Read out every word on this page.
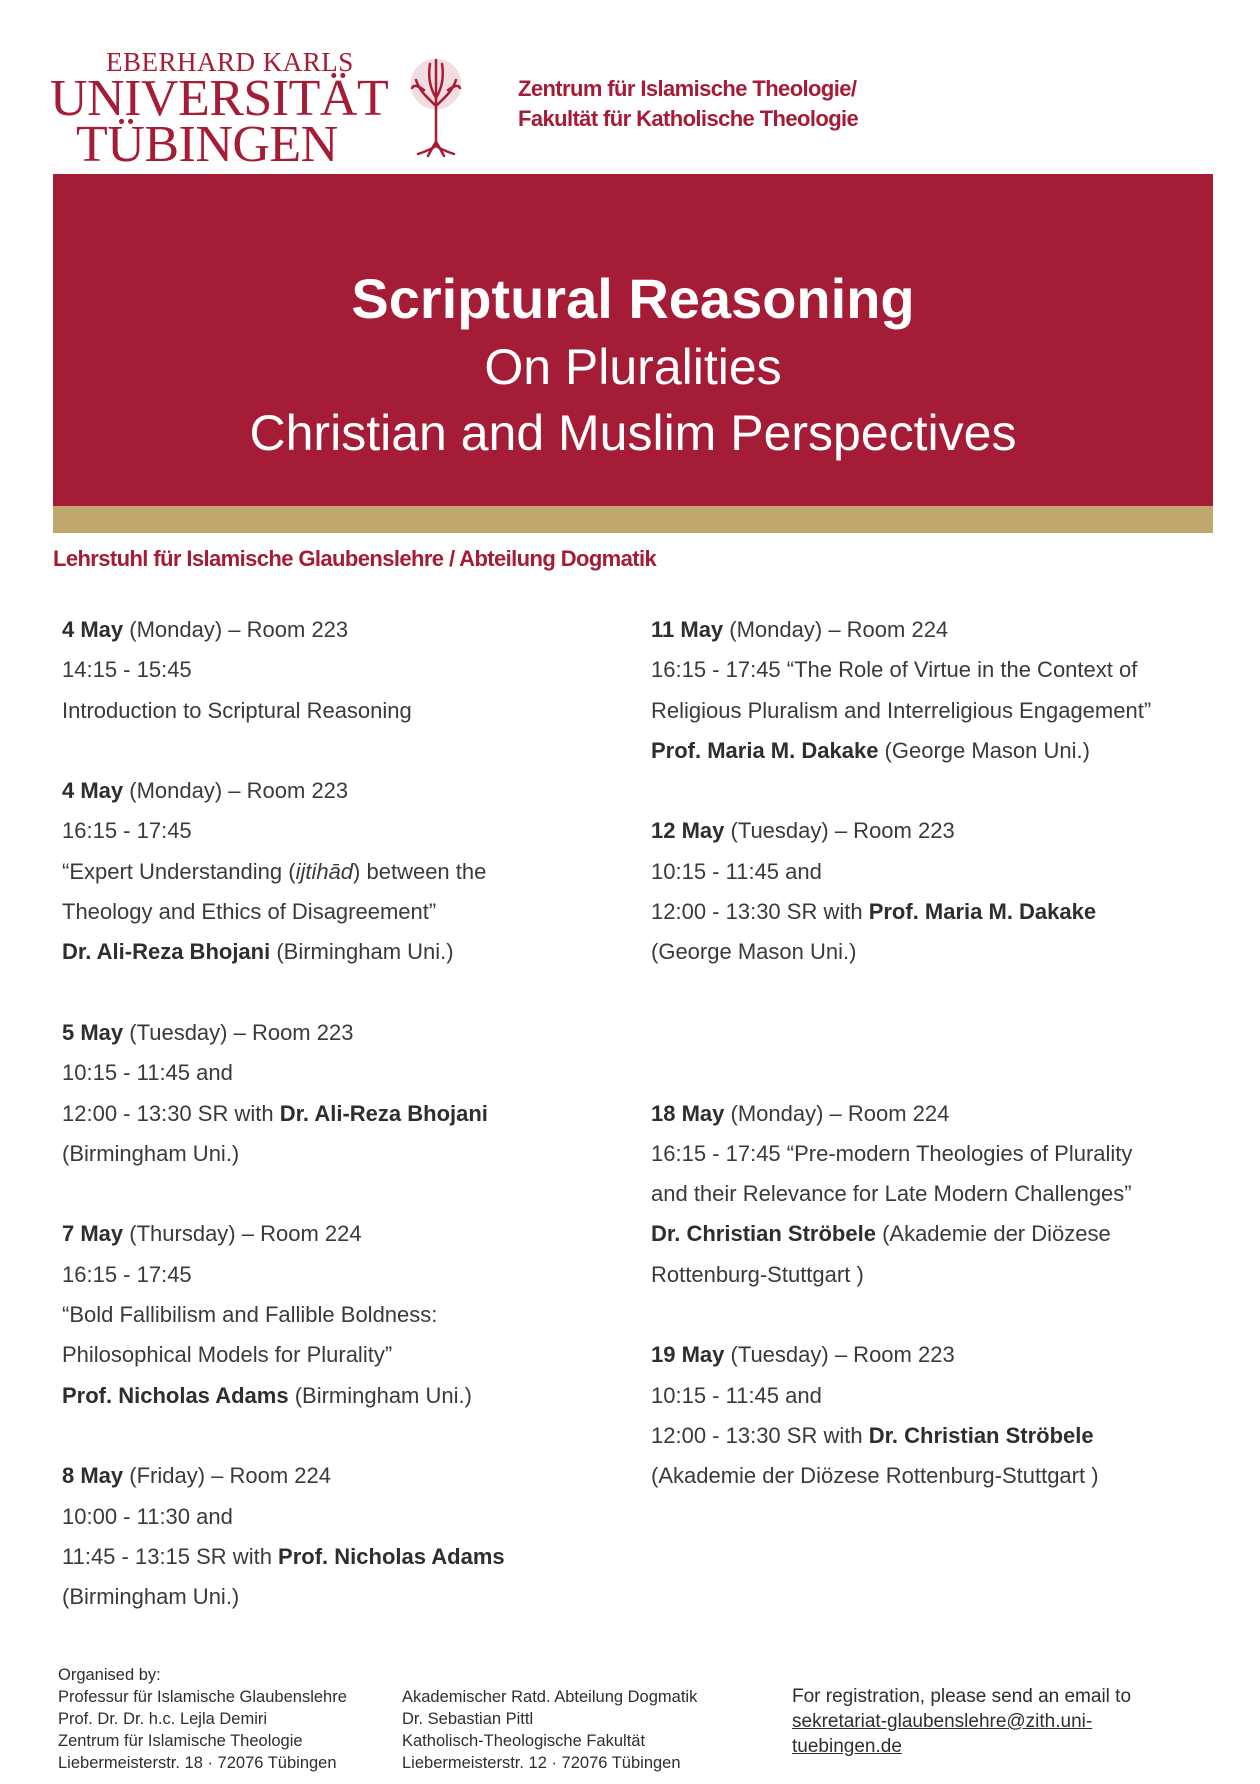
EBERHARD KARLS
UNIVERSITÄT
TÜBINGEN
Zentrum für Islamische Theologie/
Fakultät für Katholische Theologie
Scriptural Reasoning
On Pluralities
Christian and Muslim Perspectives
Lehrstuhl für Islamische Glaubenslehre / Abteilung Dogmatik
4 May (Monday) – Room 223
14:15 - 15:45
Introduction to Scriptural Reasoning
4 May (Monday) – Room 223
16:15 - 17:45
“Expert Understanding (ijtihād) between the
Theology and Ethics of Disagreement”
Dr. Ali-Reza Bhojani (Birmingham Uni.)
5 May (Tuesday) – Room 223
10:15 - 11:45 and
12:00 - 13:30 SR with Dr. Ali-Reza Bhojani
(Birmingham Uni.)
7 May (Thursday) – Room 224
16:15 - 17:45
“Bold Fallibilism and Fallible Boldness:
Philosophical Models for Plurality”
Prof. Nicholas Adams (Birmingham Uni.)
8 May (Friday) – Room 224
10:00 - 11:30 and
11:45 - 13:15 SR with Prof. Nicholas Adams
(Birmingham Uni.)
11 May (Monday) – Room 224
16:15 - 17:45 “The Role of Virtue in the Context of
Religious Pluralism and Interreligious Engagement”
Prof. Maria M. Dakake (George Mason Uni.)
12 May (Tuesday) – Room 223
10:15 - 11:45 and
12:00 - 13:30 SR with Prof. Maria M. Dakake
(George Mason Uni.)
18 May (Monday) – Room 224
16:15 - 17:45 “Pre-modern Theologies of Plurality
and their Relevance for Late Modern Challenges”
Dr. Christian Ströbele (Akademie der Diözese
Rottenburg-Stuttgart )
19 May (Tuesday) – Room 223
10:15 - 11:45 and
12:00 - 13:30 SR with Dr. Christian Ströbele
(Akademie der Diözese Rottenburg-Stuttgart )
Organised by:
Professur für Islamische Glaubenslehre
Prof. Dr. Dr. h.c. Lejla Demiri
Zentrum für Islamische Theologie
Liebermeisterstr. 18 · 72076 Tübingen
Akademischer Ratd. Abteilung Dogmatik
Dr. Sebastian Pittl
Katholisch-Theologische Fakultät
Liebermeisterstr. 12 · 72076 Tübingen
For registration, please send an email to
sekretariat-glaubenslehre@zith.uni-
tuebingen.de
